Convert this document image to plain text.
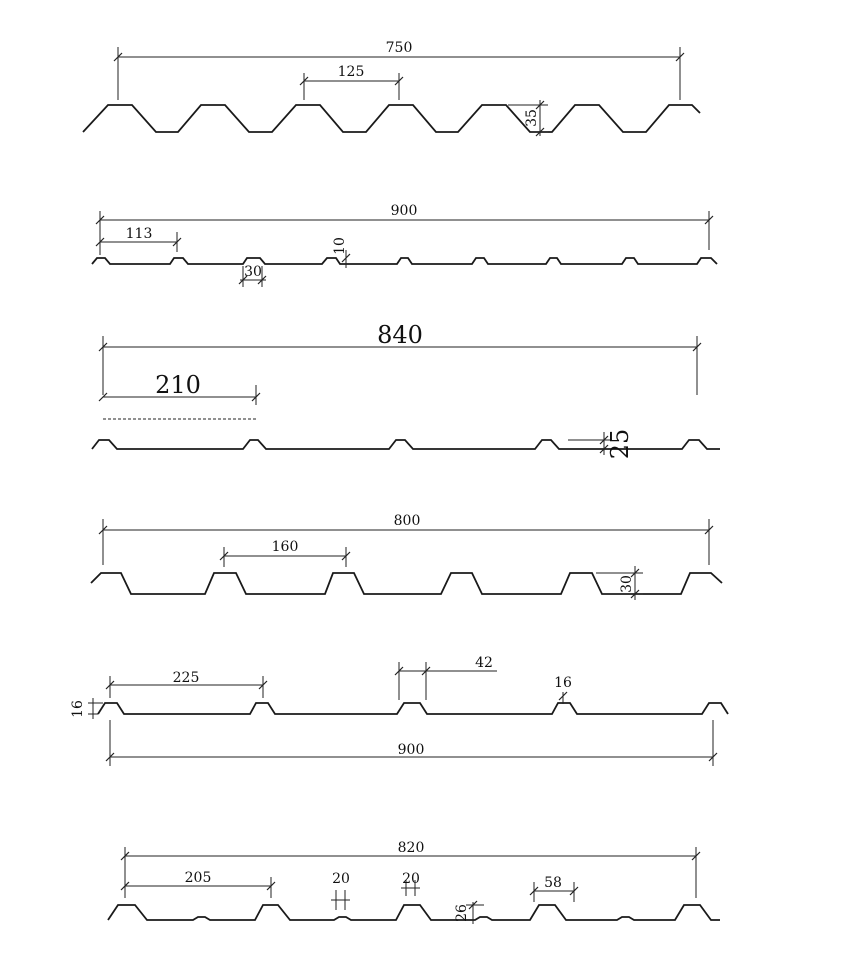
750
125
35
900
113
10
30
840
210
25
800
160
30
225
42
16
16
900
820
205	20	20
26
58
